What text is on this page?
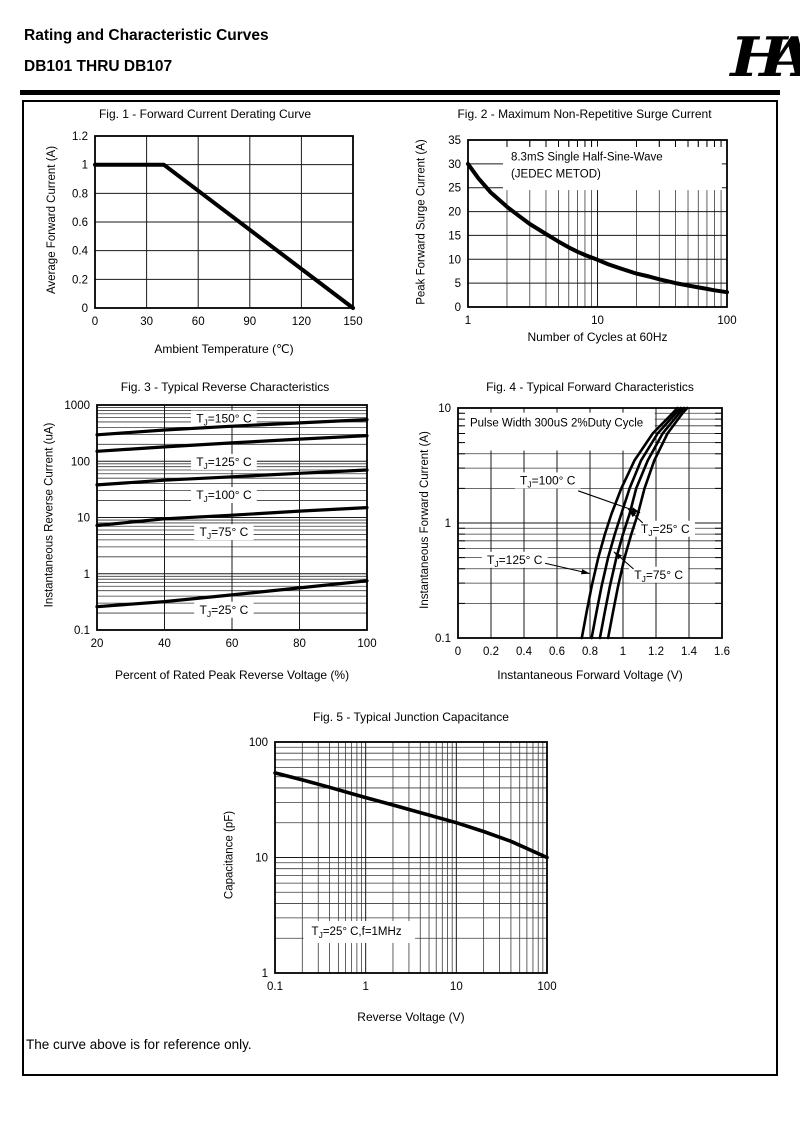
Rating and Characteristic Curves
DB101 THRU DB107	HA
Fig. 1 - Forward Current Derating Curve
Ambient Temperature (℃)
Average Forward Current (A)
Fig. 2 - Maximum Non-Repetitive Surge Current
Number of Cycles at 60Hz
Peak Forward Surge Current (A)
Fig. 3 - Typical Reverse Characteristics
Percent of Rated Peak Reverse Voltage (%)
Instantaneous Reverse Current (uA)
Fig. 4 - Typical Forward Characteristics
Instantaneous Forward Voltage (V)
Instantaneous Forward Current (A)
Fig. 5 - Typical Junction Capacitance
Reverse Voltage (V)
Capacitance (pF)
0
0.2
0.4
0.6
0.8
1
1.2
0	30	60	90	120	150
0
5
10
15
20
25
30
35
1	10	100
8.3mS Single Half-Sine-Wave
(JEDEC METOD)
0.1
1
10
100
1000
20	40	60	80	100
$T_J=150^\circ$ C
$T_J=125^\circ$ C
$T_J=100^\circ$ C
$T_J=75^\circ$ C
$T_J=25^\circ$ C
0.1
1
10
0 0.2 0.4 0.6 0.8 1 1.2 1.4 1.6
Pulse Width 300uS 2%Duty Cycle
$T_J=100^\circ$ C
$T_J=25^\circ$ C
$T_J=125^\circ$ C
$T_J=75^\circ$ C
1
10
100
0.1	1	10	100
$T_J=25^\circ$ C,f=1MHz
The curve above is for reference only.
